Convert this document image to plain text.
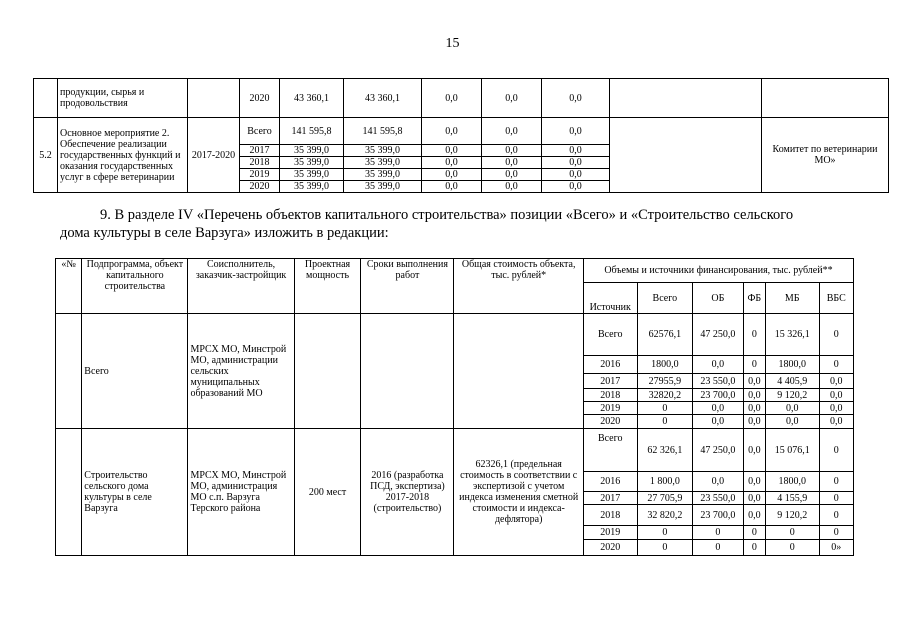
15
	продукции, сырья и продовольствия		2020	43 360,1	43 360,1	0,0	0,0	0,0		
5.2	Основное мероприятие 2. Обеспечение реализации государственных функций и оказания государственных услуг в сфере ветеринарии	2017-2020	Всего	141 595,8	141 595,8	0,0	0,0	0,0		Комитет по ветеринарии МО»
			2017	35 399,0	35 399,0	0,0	0,0	0,0		
			2018	35 399,0	35 399,0	0,0	0,0	0,0		
			2019	35 399,0	35 399,0	0,0	0,0	0,0		
			2020	35 399,0	35 399,0	0,0	0,0	0,0		
9. В разделе IV «Перечень объектов капитального строительства» позиции «Всего» и «Строительство сельского
дома культуры в селе Варзуга» изложить в редакции:
«№	Подпрограмма, объект капитального строительства	Соисполнитель, заказчик-застройщик	Проектная мощность	Сроки выполнения работ	Общая стоимость объекта, тыс. рублей*	Объемы и источники финансирования, тыс. рублей**					
						Источник	Всего	ОБ	ФБ	МБ	ВБС
	Всего	МРСХ МО, Минстрой МО, администрации сельских муниципальных образований МО				Всего	62576,1	47 250,0	0	15 326,1	0
						2016	1800,0	0,0	0	1800,0	0
						2017	27955,9	23 550,0	0,0	4 405,9	0,0
						2018	32820,2	23 700,0	0,0	9 120,2	0,0
						2019	0	0,0	0,0	0,0	0,0
						2020	0	0,0	0,0	0,0	0,0
	Строительство сельского дома культуры в селе Варзуга	МРСХ МО, Минстрой МО, администрация МО с.п. Варзуга Терского района	200 мест	2016 (разработка ПСД, экспертиза) 2017-2018 (строительство)	62326,1 (предельная стоимость в соответствии с экспертизой с учетом индекса изменения сметной стоимости и индекса-дефлятора)	Всего	62 326,1	47 250,0	0,0	15 076,1	0
						2016	1 800,0	0,0	0,0	1800,0	0
						2017	27 705,9	23 550,0	0,0	4 155,9	0
						2018	32 820,2	23 700,0	0,0	9 120,2	0
						2019	0	0	0	0	0
						2020	0	0	0	0	0»
